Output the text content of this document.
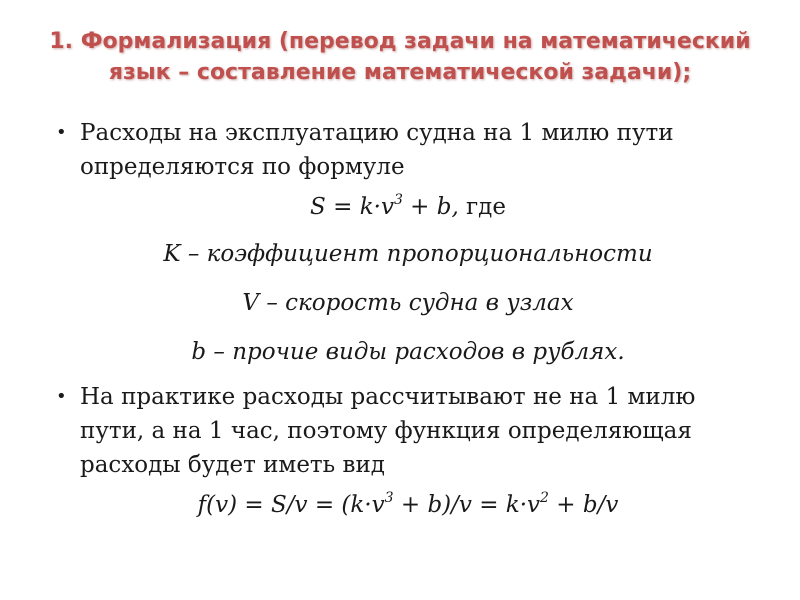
1. Формализация (перевод задачи на математический язык – составление математической задачи);

• Расходы на эксплуатацию судна на 1 милю пути определяются по формуле

$S = k\cdot v^3 + b$, где

K – коэффициент пропорциональности

V – скорость судна в узлах

b – прочие виды расходов в рублях.

• На практике расходы рассчитывают не на 1 милю пути, а на 1 час, поэтому функция определяющая расходы будет иметь вид

$f(v) = S/v = (k\cdot v^3 + b)/v = k\cdot v^2 + b/v$
